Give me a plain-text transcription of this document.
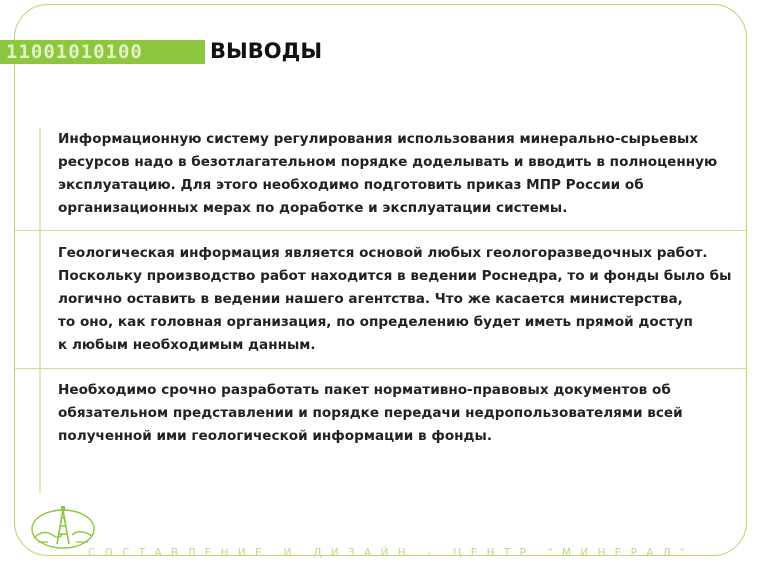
11001010100	ВЫВОДЫ
Информационную систему регулирования использования минерально-сырьевых
ресурсов надо в безотлагательном порядке доделывать и вводить в полноценную
эксплуатацию. Для этого необходимо подготовить приказ МПР России об
организационных мерах по доработке и эксплуатации системы.
Геологическая информация является основой любых геологоразведочных работ.
Поскольку производство работ находится в ведении Роснедра, то и фонды было бы
логично оставить в ведении нашего агентства. Что же касается министерства,
то оно, как головная организация, по определению будет иметь прямой доступ
к любым необходимым данным.
Необходимо срочно разработать пакет нормативно-правовых документов об
обязательном представлении и порядке передачи недропользователями всей
полученной ими геологической информации в фонды.
СОСТАВЛЕНИЕ И ДИЗАЙН - ЦЕНТР "МИНЕРАЛ"
